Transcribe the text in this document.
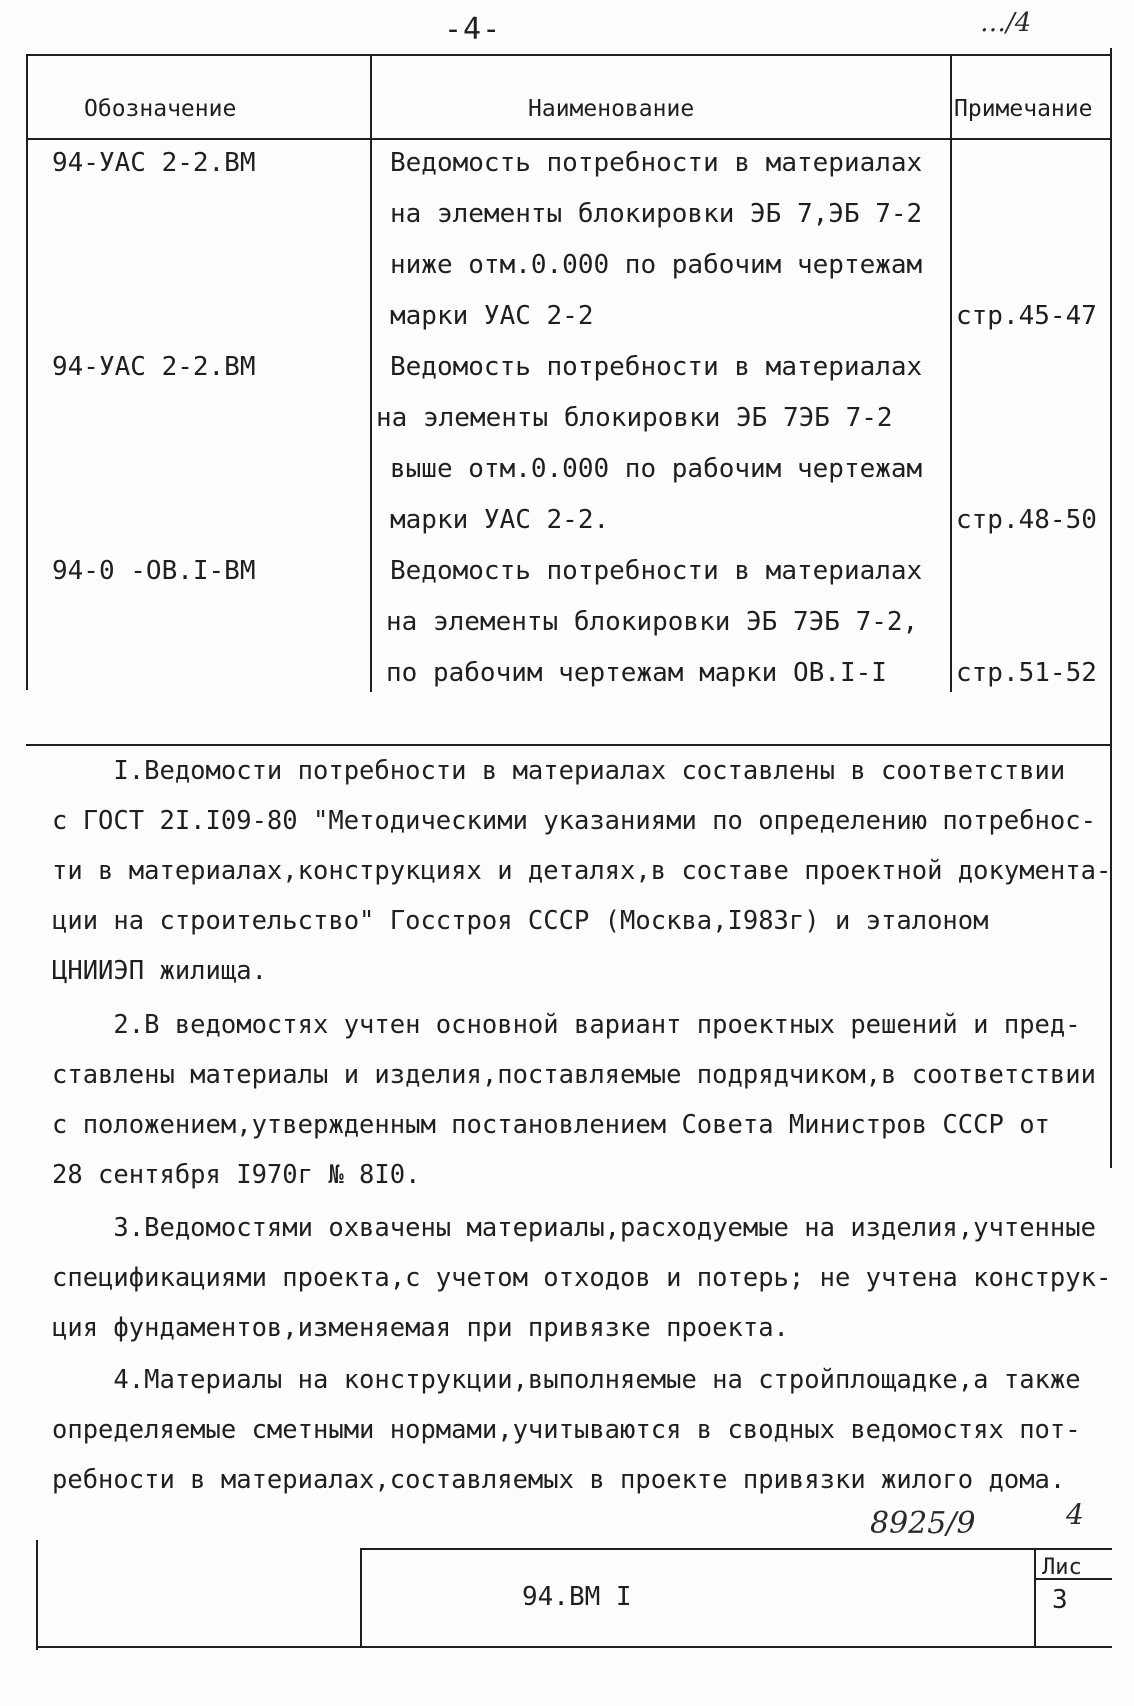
-4-	…/4
Обозначение	Наименование	Примечание
94-УАС 2-2.ВМ	Ведомость потребности в материалах
на элементы блокировки ЭБ 7,ЭБ 7-2
ниже отм.0.000 по рабочим чертежам
марки УАС 2-2	стр.45-47
94-УАС 2-2.ВМ	Ведомость потребности в материалах
на элементы блокировки ЭБ 7ЭБ 7-2
выше отм.0.000 по рабочим чертежам
марки УАС 2-2.	стр.48-50
94-0 -ОВ.I-ВМ	Ведомость потребности в материалах
на элементы блокировки ЭБ 7ЭБ 7-2,
по рабочим чертежам марки ОВ.I-I	стр.51-52

I.Ведомости потребности в материалах составлены в соответствии

с ГОСТ 2I.I09-80 "Методическими указаниями по определению потребнос-

ти в материалах,конструкциях и деталях,в составе проектной документа-

ции на строительство" Госстроя СССР (Москва,I983г) и эталоном

ЦНИИЭП жилища.

2.В ведомостях учтен основной вариант проектных решений и пред-

ставлены материалы и изделия,поставляемые подрядчиком,в соответствии

с положением,утвержденным постановлением Совета Министров СССР от

28 сентября I970г № 8I0.

3.Ведомостями охвачены материалы,расходуемые на изделия,учтенные

спецификациями проекта,с учетом отходов и потерь; не учтена конструк-

ция фундаментов,изменяемая при привязке проекта.

4.Материалы на конструкции,выполняемые на стройплощадке,а также

определяемые сметными нормами,учитываются в сводных ведомостях пот-

ребности в материалах,составляемых в проекте привязки жилого дома.

8925/9	4
94.ВМ I
Лис
3
